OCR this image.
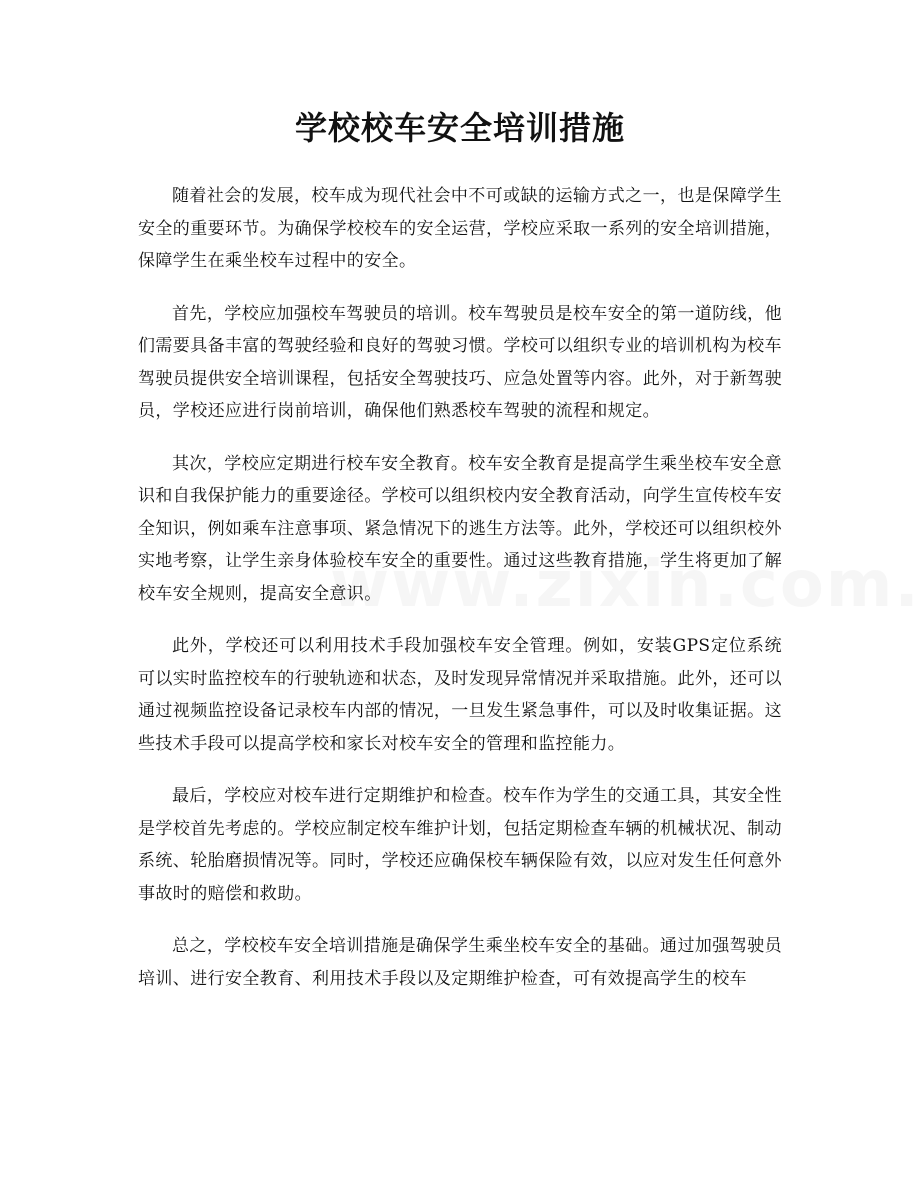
学校校车安全培训措施

随着社会的发展，校车成为现代社会中不可或缺的运输方式之一，也是保障学生安全的重要环节。为确保学校校车的安全运营，学校应采取一系列的安全培训措施，保障学生在乘坐校车过程中的安全。

首先，学校应加强校车驾驶员的培训。校车驾驶员是校车安全的第一道防线，他们需要具备丰富的驾驶经验和良好的驾驶习惯。学校可以组织专业的培训机构为校车驾驶员提供安全培训课程，包括安全驾驶技巧、应急处置等内容。此外，对于新驾驶员，学校还应进行岗前培训，确保他们熟悉校车驾驶的流程和规定。

其次，学校应定期进行校车安全教育。校车安全教育是提高学生乘坐校车安全意识和自我保护能力的重要途径。学校可以组织校内安全教育活动，向学生宣传校车安全知识，例如乘车注意事项、紧急情况下的逃生方法等。此外，学校还可以组织校外实地考察，让学生亲身体验校车安全的重要性。通过这些教育措施，学生将更加了解校车安全规则，提高安全意识。

此外，学校还可以利用技术手段加强校车安全管理。例如，安装GPS定位系统可以实时监控校车的行驶轨迹和状态，及时发现异常情况并采取措施。此外，还可以通过视频监控设备记录校车内部的情况，一旦发生紧急事件，可以及时收集证据。这些技术手段可以提高学校和家长对校车安全的管理和监控能力。

最后，学校应对校车进行定期维护和检查。校车作为学生的交通工具，其安全性是学校首先考虑的。学校应制定校车维护计划，包括定期检查车辆的机械状况、制动系统、轮胎磨损情况等。同时，学校还应确保校车辆保险有效，以应对发生任何意外事故时的赔偿和救助。

总之，学校校车安全培训措施是确保学生乘坐校车安全的基础。通过加强驾驶员培训、进行安全教育、利用技术手段以及定期维护检查，可有效提高学生的校车
